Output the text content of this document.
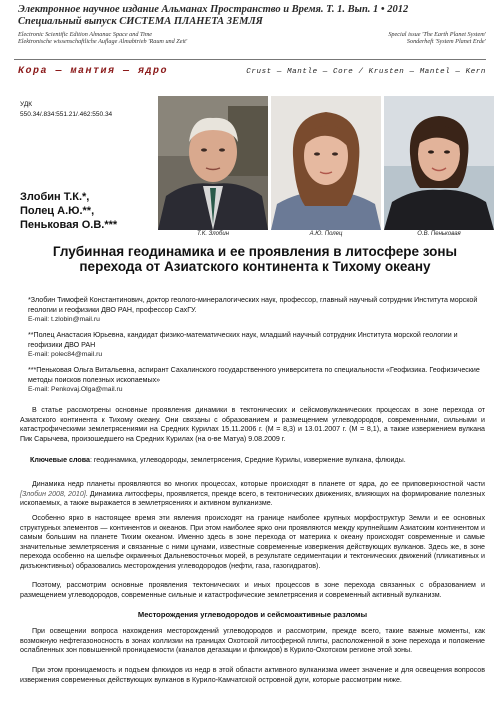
Электронное научное издание Альманах Пространство и Время. Т. 1. Вып. 1 • 2012
Специальный выпуск СИСТЕМА ПЛАНЕТА ЗЕМЛЯ
Electronic Scientific Edition Almanac Space and Time
Elektronische wissenschaftliche Auflage Almabtrieb 'Raum und Zeit'
Special issue 'The Earth Planet System'
Sonderheft 'System Planet Erde'
Кора — мантия — ядро	Crust — Mantle — Core / Krusten — Mantel — Kern
УДК
550.34/.834:551.21/.462:550.34
Т.К. Злобин	А.Ю. Полец	О.В. Пеньковая
Злобин Т.К.*,
Полец А.Ю.**,
Пеньковая О.В.***
Глубинная геодинамика и ее проявления в литосфере зоны перехода от Азиатского континента к Тихому океану
*Злобин Тимофей Константинович, доктор геолого-минералогических наук, профессор, главный научный сотрудник Института морской геологии и геофизики ДВО РАН, профессор СахГУ.
E-mail: t.zlobin@mail.ru
**Полец Анастасия Юрьевна, кандидат физико-математических наук, младший научный сотрудник Института морской геологии и геофизики ДВО РАН
E-mail: polec84@mail.ru
***Пеньковая Ольга Витальевна, аспирант Сахалинского государственного университета по специальности «Геофизика. Геофизические методы поисков полезных ископаемых»
E-mail: Penkovaj.Olga@mail.ru

В статье рассмотрены основные проявления динамики в тектонических и сейсмовулканических процессах в зоне перехода от Азиатского континента к Тихому океану. Они связаны с образованием и размещением углеводородов, современными, сильными и катастрофическими землетрясениями на Средних Курилах 15.11.2006 г. (M = 8,3) и 13.01.2007 г. (M = 8,1), а также извержением вулкана Пик Сарычева, произошедшего на Средних Курилах (на о-ве Матуа) 9.08.2009 г.

Ключевые слова: геодинамика, углеводороды, землетрясения, Средние Курилы, извержение вулкана, флюиды.

Динамика недр планеты проявляются во многих процессах, которые происходят в планете от ядра, до ее приповерхностной части [Злобин 2008, 2010]. Динамика литосферы, проявляется, прежде всего, в тектонических движениях, влияющих на формирование полезных ископаемых, а также выражается в землетрясениях и активном вулканизме.

Особенно ярко в настоящее время эти явления происходят на границе наиболее крупных морфоструктур Земли и ее основных структурных элементов — континентов и океанов. При этом наиболее ярко они проявляются между крупнейшим Азиатским континентом и самым большим на планете Тихим океаном. Именно здесь в зоне перехода от материка к океану происходят современные и самые значительные землетрясения и связанные с ними цунами, известные современные извержения действующих вулканов. Здесь же, в зоне перехода особенно на шельфе окраинных Дальневосточных морей, в результате седиментации и тектонических движений (пликативных и дизъюнктивных) образовались месторождения углеводородов (нефти, газа, газогидратов).

Поэтому, рассмотрим основные проявления тектонических и иных процессов в зоне перехода связанных с образованием и размещением углеводородов, современные сильные и катастрофические землетрясения и современный активный вулканизм.

Месторождения углеводородов и сейсмоактивные разломы

При освещении вопроса нахождения месторождений углеводородов и рассмотрим, прежде всего, такие важные моменты, как возможную нефтегазоносность в зонах коллизии на границах Охотской литосферной плиты, расположенной в зоне перехода и положение ослабленных зон повышенной проницаемости (каналов дегазации и флюидов) в Курило-Охотском регионе этой зоны.

При этом проницаемость и подъем флюидов из недр в этой области активного вулканизма имеет значение и для освещения вопросов извержения современных действующих вулканов в Курило-Камчатской островной дуги, которые рассмотрим ниже.
